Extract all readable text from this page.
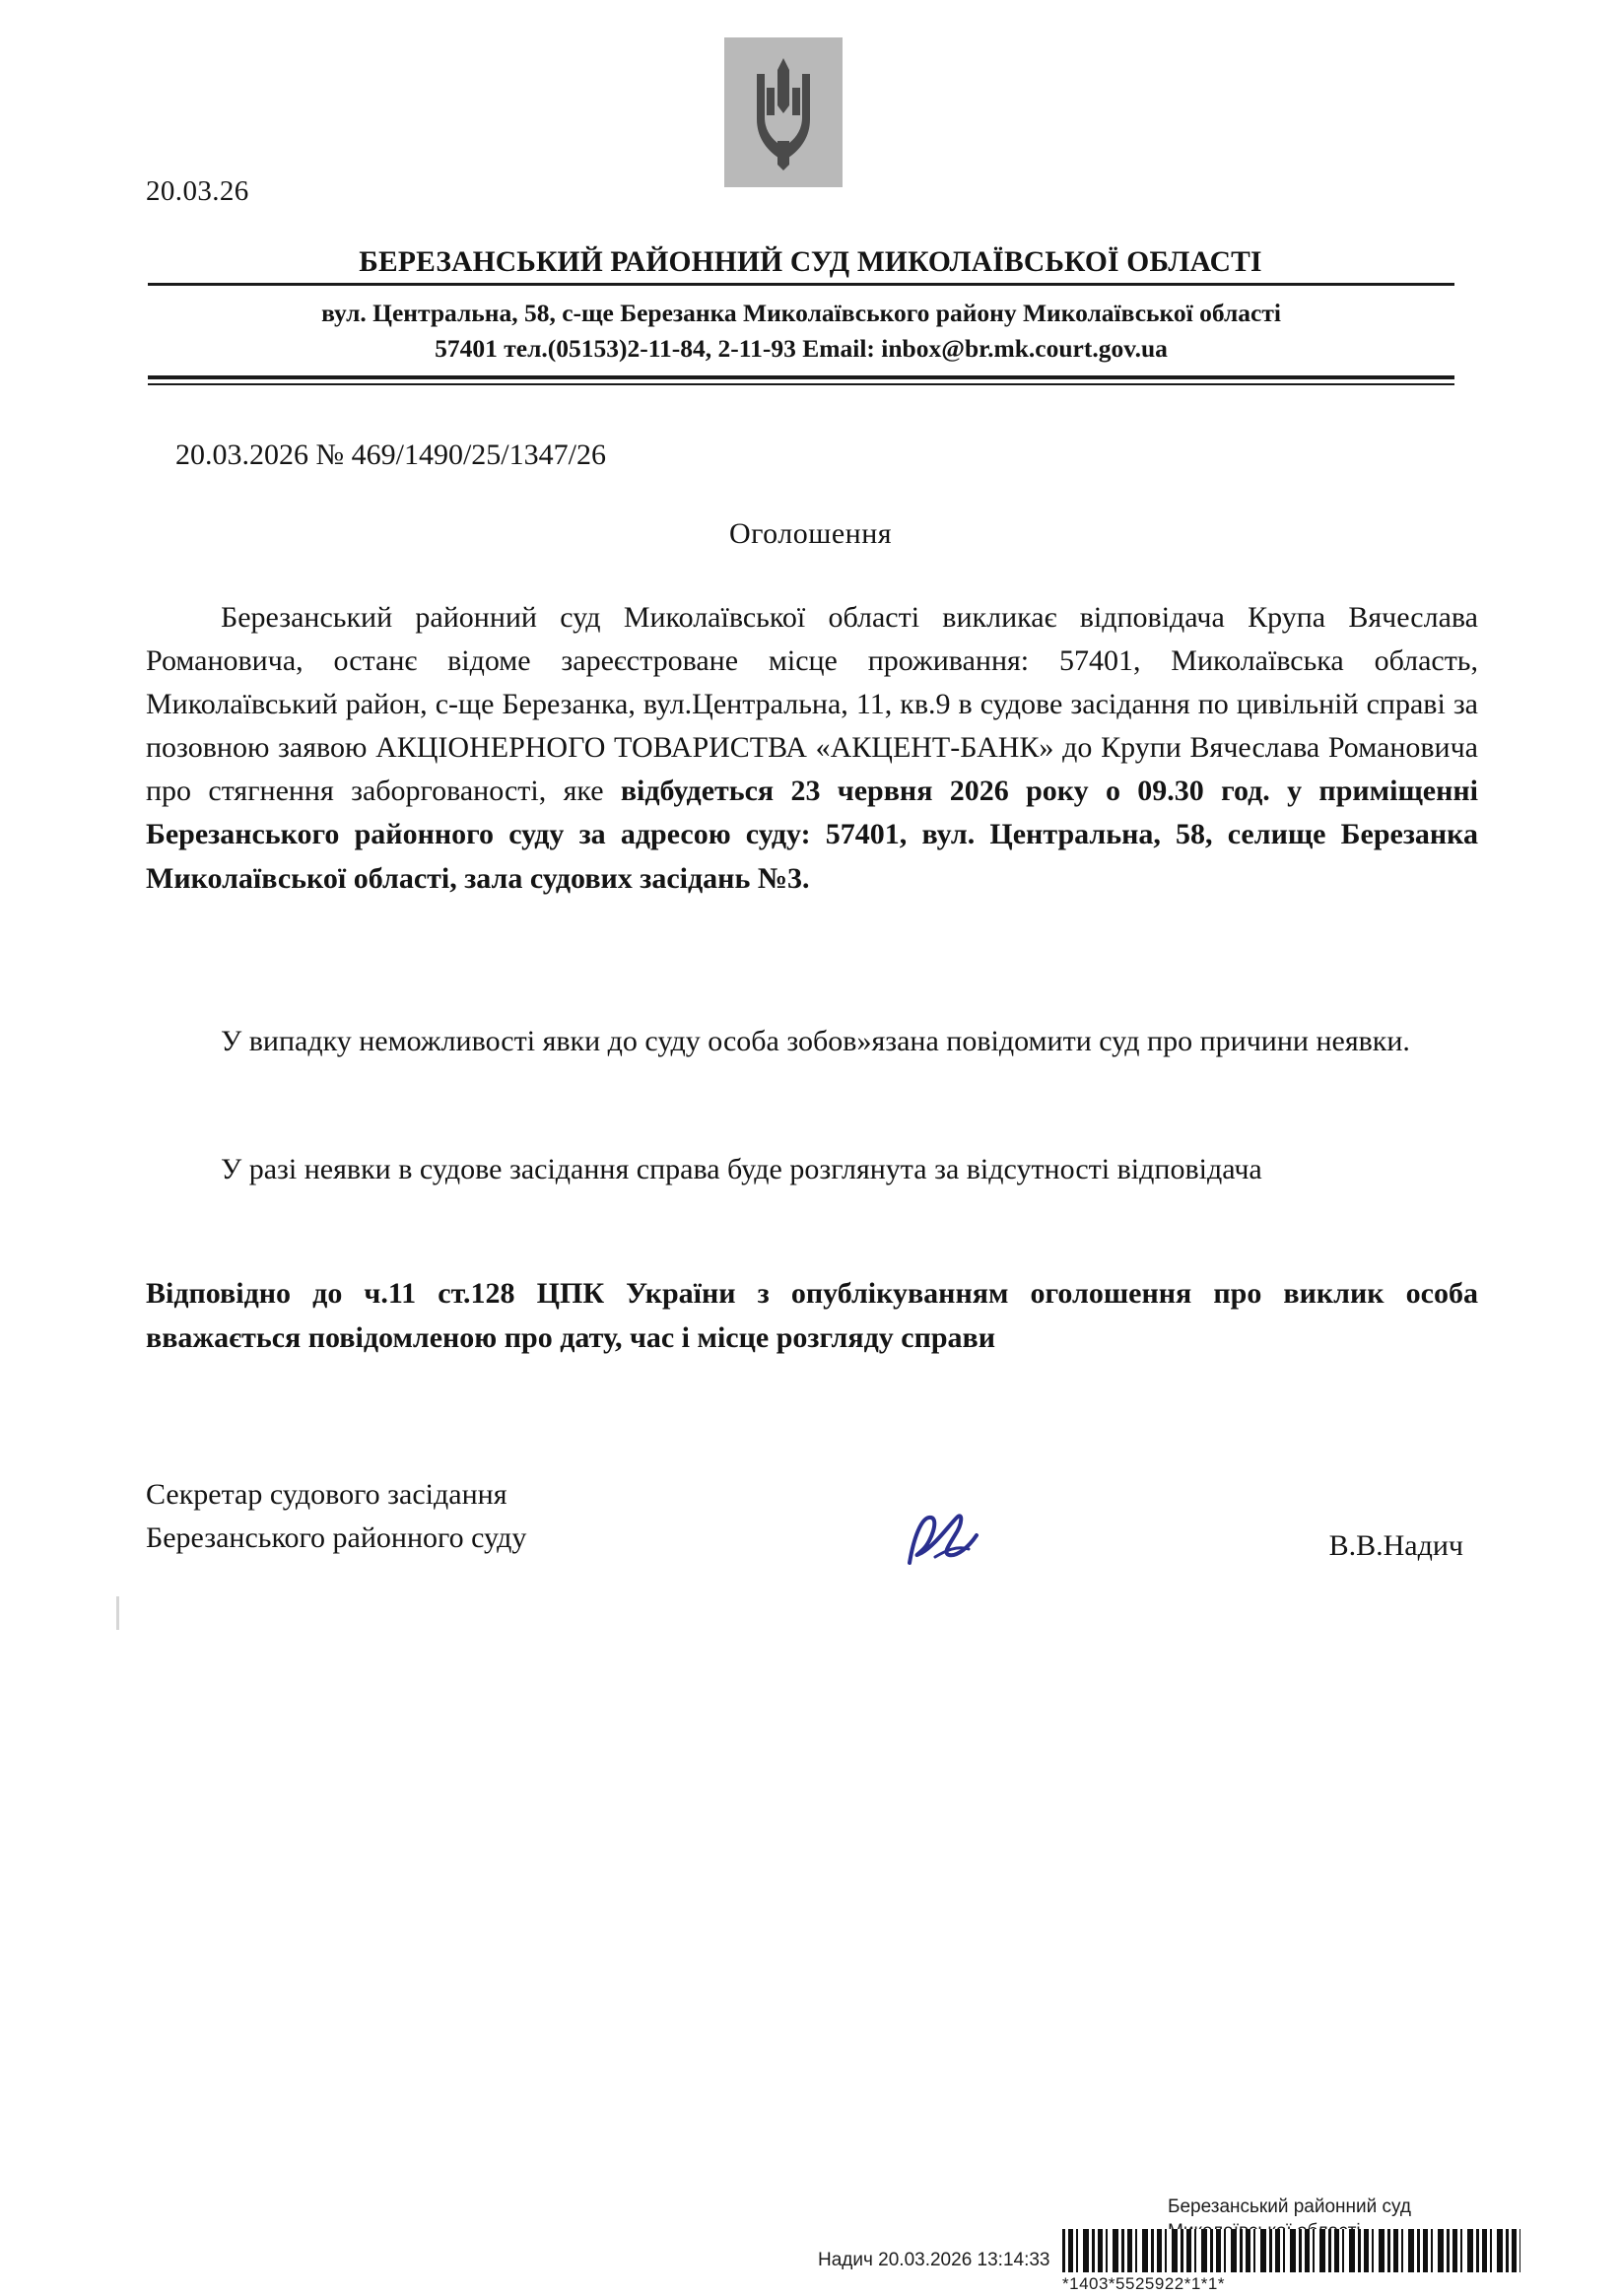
20.03.26
БЕРЕЗАНСЬКИЙ РАЙОННИЙ СУД МИКОЛАЇВСЬКОЇ ОБЛАСТІ
вул. Центральна, 58, с-ще Березанка Миколаївського району Миколаївської області
57401 тел.(05153)2-11-84, 2-11-93 Email: inbox@br.mk.court.gov.ua
20.03.2026 № 469/1490/25/1347/26
Оголошення

Березанський районний суд Миколаївської області викликає відповідача Крупа Вячеслава Романовича, останє відоме зареєстроване місце проживання: 57401, Миколаївська область, Миколаївський район, с-ще Березанка, вул.Центральна, 11, кв.9 в судове засідання по цивільній справі за позовною заявою АКЦІОНЕРНОГО ТОВАРИСТВА «АКЦЕНТ-БАНК» до Крупи Вячеслава Романовича про стягнення заборгованості, яке відбудеться 23 червня 2026 року о 09.30 год. у приміщенні Березанського районного суду за адресою суду: 57401, вул. Центральна, 58, селище Березанка Миколаївської області, зала судових засідань №3.

У випадку неможливості явки до суду особа зобов»язана повідомити суд про причини неявки.

У разі неявки в судове засідання справа буде розглянута за відсутності відповідача

Відповідно до ч.11 ст.128 ЦПК України з опублікуванням оголошення про виклик особа вважається повідомленою про дату, час і місце розгляду справи

Секретар судового засідання
Березанського районного суду	В.В.Надич
Березанський районний суд
Надич 20.03.2026 13:14:33
*1403*5525922*1*1*
